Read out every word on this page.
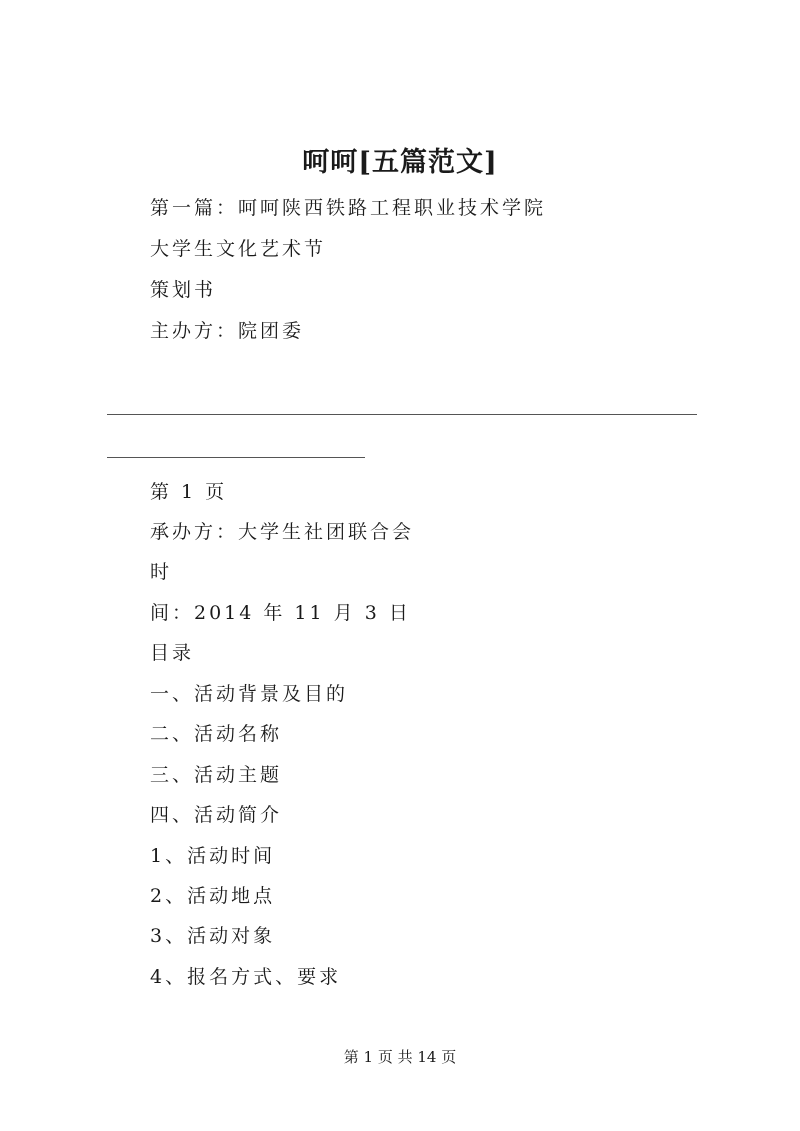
呵呵[五篇范文]
第一篇：呵呵陕西铁路工程职业技术学院
大学生文化艺术节
策划书
主办方：院团委
第 1 页
承办方：大学生社团联合会
时
间：2014 年 11 月 3 日
目录
一、活动背景及目的
二、活动名称
三、活动主题
四、活动简介
1、活动时间
2、活动地点
3、活动对象
4、报名方式、要求
第 1 页 共 14 页
